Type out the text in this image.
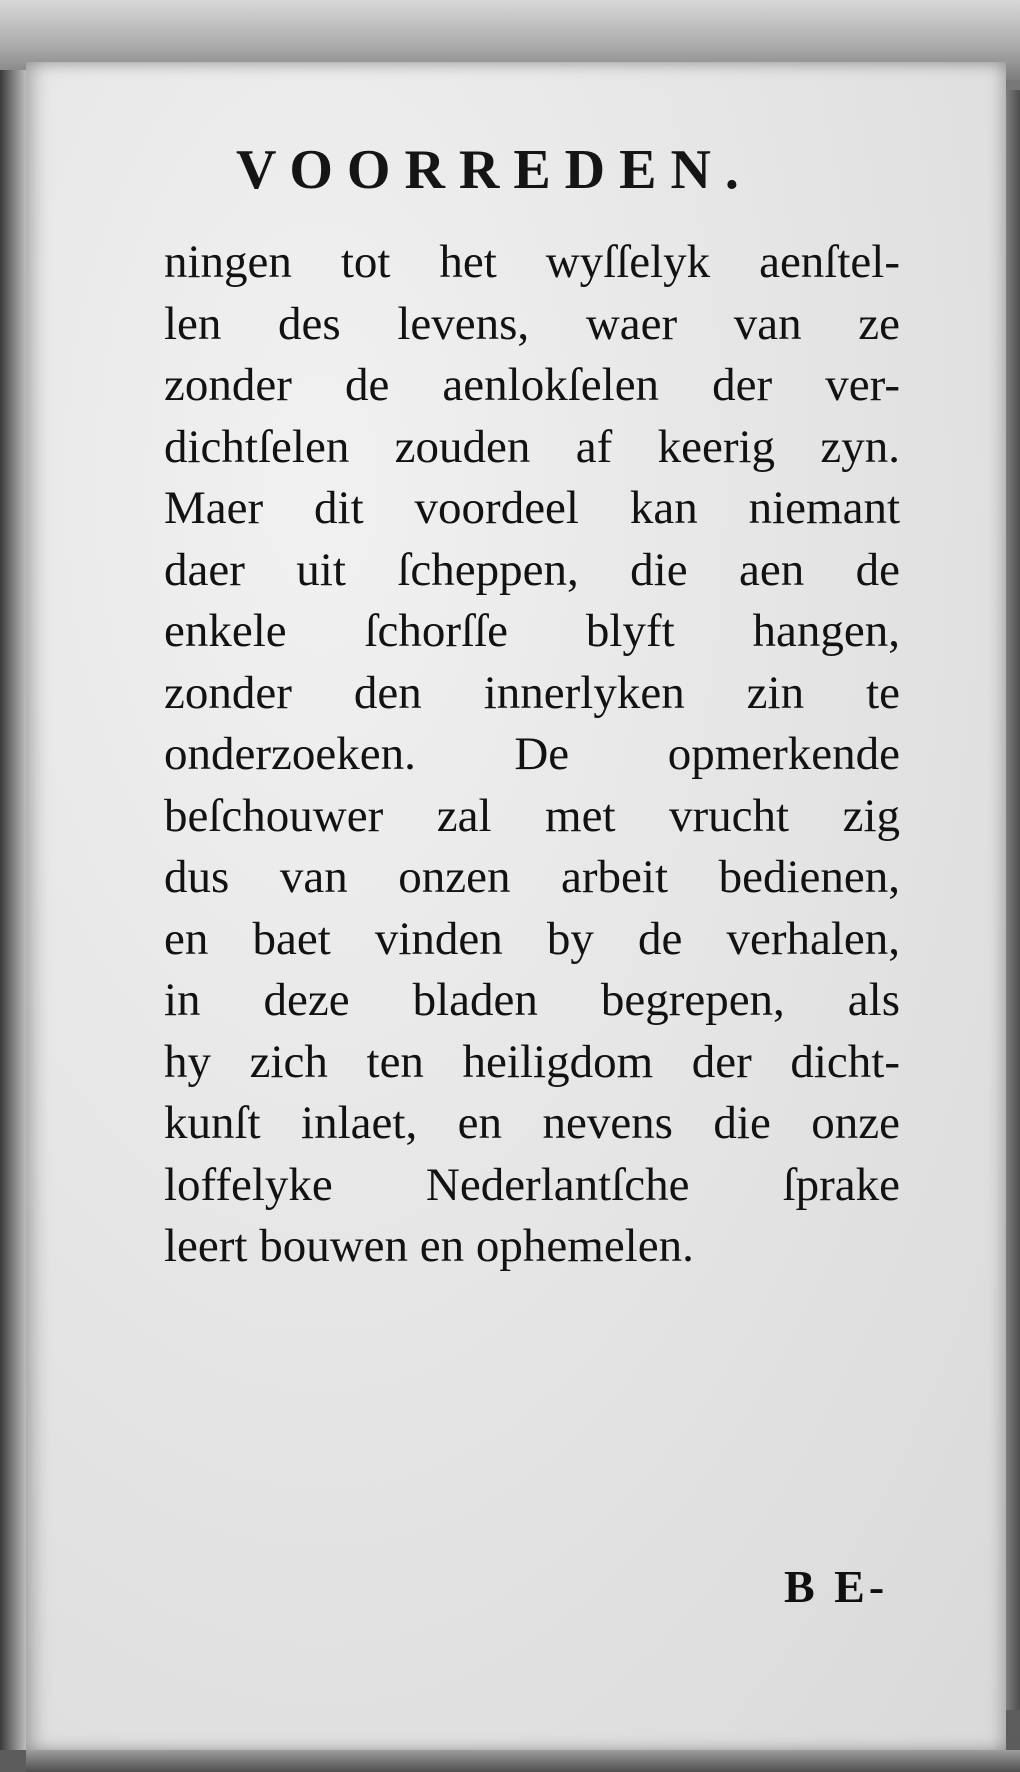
VOORREDEN.
ningen tot het wyſſelyk aenſtel-
len des levens, waer van ze
zonder de aenlokſelen der ver-
dichtſelen zouden af keerig zyn.
Maer dit voordeel kan niemant
daer uit ſcheppen, die aen de
enkele ſchorſſe blyft hangen,
zonder den innerlyken zin te
onderzoeken. De opmerkende
beſchouwer zal met vrucht zig
dus van onzen arbeit bedienen,
en baet vinden by de verhalen,
in deze bladen begrepen, als
hy zich ten heiligdom der dicht-
kunſt inlaet, en nevens die onze
loffelyke Nederlantſche ſprake
leert bouwen en ophemelen.
B E-
